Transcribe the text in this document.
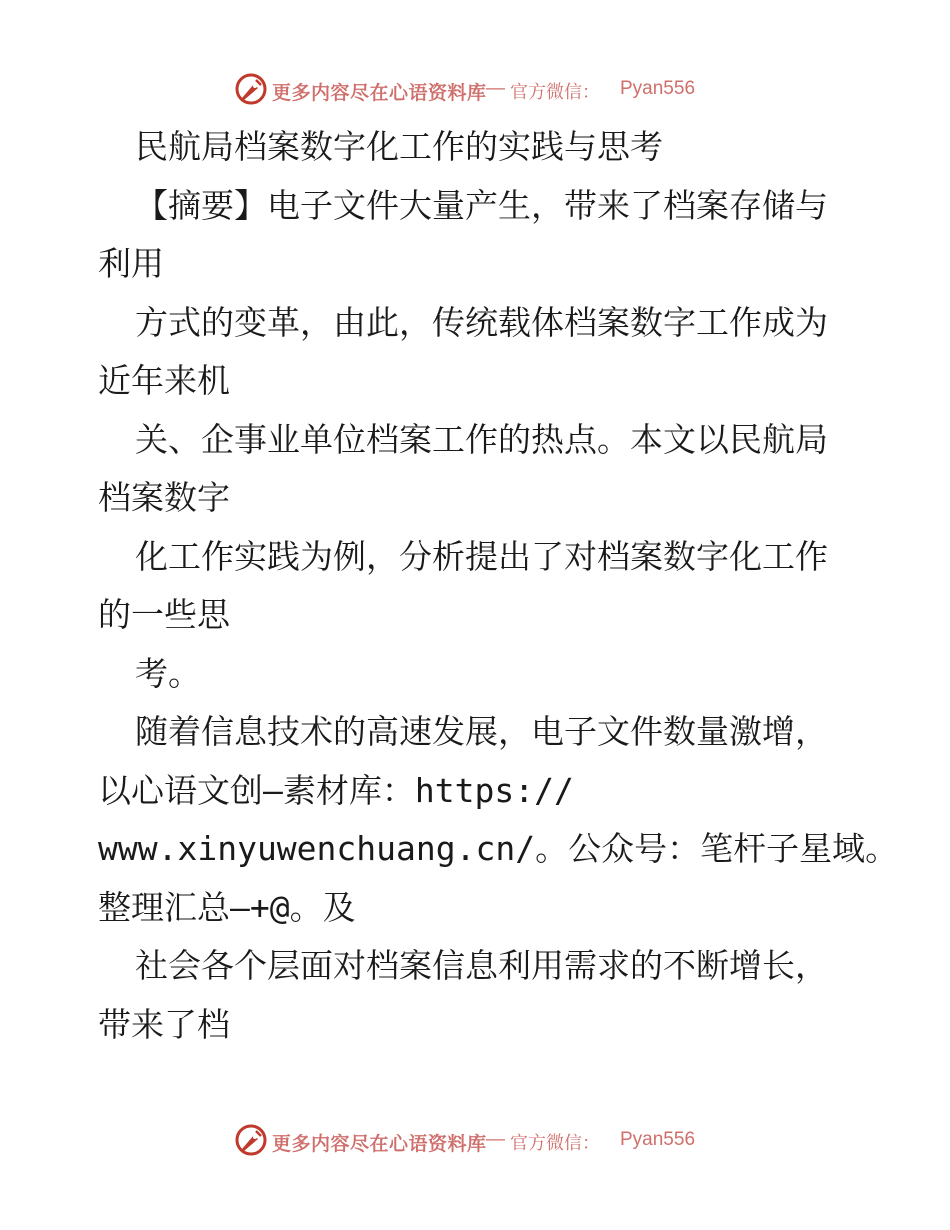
更多内容尽在心语资料库 — 官方微信： Pyan556
民航局档案数字化工作的实践与思考
【摘要】电子文件大量产生，带来了档案存储与
利用
方式的变革，由此，传统载体档案数字工作成为
近年来机
关、企事业单位档案工作的热点。本文以民航局
档案数字
化工作实践为例，分析提出了对档案数字化工作
的一些思
考。
随着信息技术的高速发展，电子文件数量激增，
以心语文创—素材库：https://
www.xinyuwenchuang.cn/。公众号：笔杆子星域。
整理汇总—+@。及
社会各个层面对档案信息利用需求的不断增长，
带来了档
更多内容尽在心语资料库 — 官方微信： Pyan556
